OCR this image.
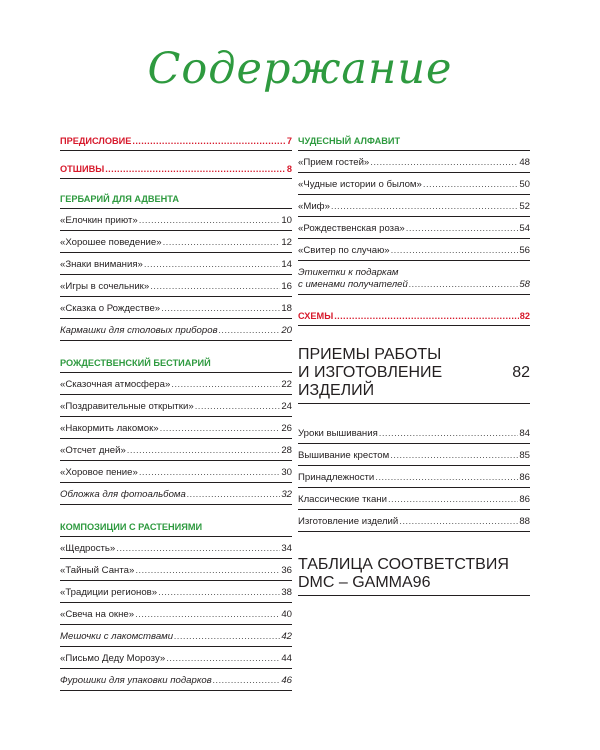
Содержание
ПРЕДИСЛОВИЕ .....	7
ОТШИВЫ .....	8
ГЕРБАРИЙ ДЛЯ АДВЕНТА
«Елочкин приют» .....	10
«Хорошее поведение» .....	12
«Знаки внимания» .....	14
«Игры в сочельник» .....	16
«Сказка о Рождестве» .....	18
Кармашки для столовых приборов .....	20
РОЖДЕСТВЕНСКИЙ БЕСТИАРИЙ
«Сказочная атмосфера» .....	22
«Поздравительные открытки» .....	24
«Накормить лакомок» .....	26
«Отсчет дней» .....	28
«Хоровое пение» .....	30
Обложка для фотоальбома .....	32
КОМПОЗИЦИИ С РАСТЕНИЯМИ
«Щедрость» .....	34
«Тайный Санта» .....	36
«Традиции регионов» .....	38
«Свеча на окне» .....	40
Мешочки с лакомствами .....	42
«Письмо Деду Морозу» .....	44
Фурошики для упаковки подарков .....	46
ЧУДЕСНЫЙ АЛФАВИТ
«Прием гостей» .....	48
«Чудные истории о былом» .....	50
«Миф» .....	52
«Рождественская роза» .....	54
«Свитер по случаю» .....	56
Этикетки к подаркам
с именами получателей .....	58
СХЕМЫ .....	82
ПРИЕМЫ РАБОТЫ
И ИЗГОТОВЛЕНИЕ ИЗДЕЛИЙ
82
Уроки вышивания .....	84
Вышивание крестом .....	85
Принадлежности .....	86
Классические ткани .....	86
Изготовление изделий .....	88
ТАБЛИЦА СООТВЕТСТВИЯ
DMC – GAMMA 96
